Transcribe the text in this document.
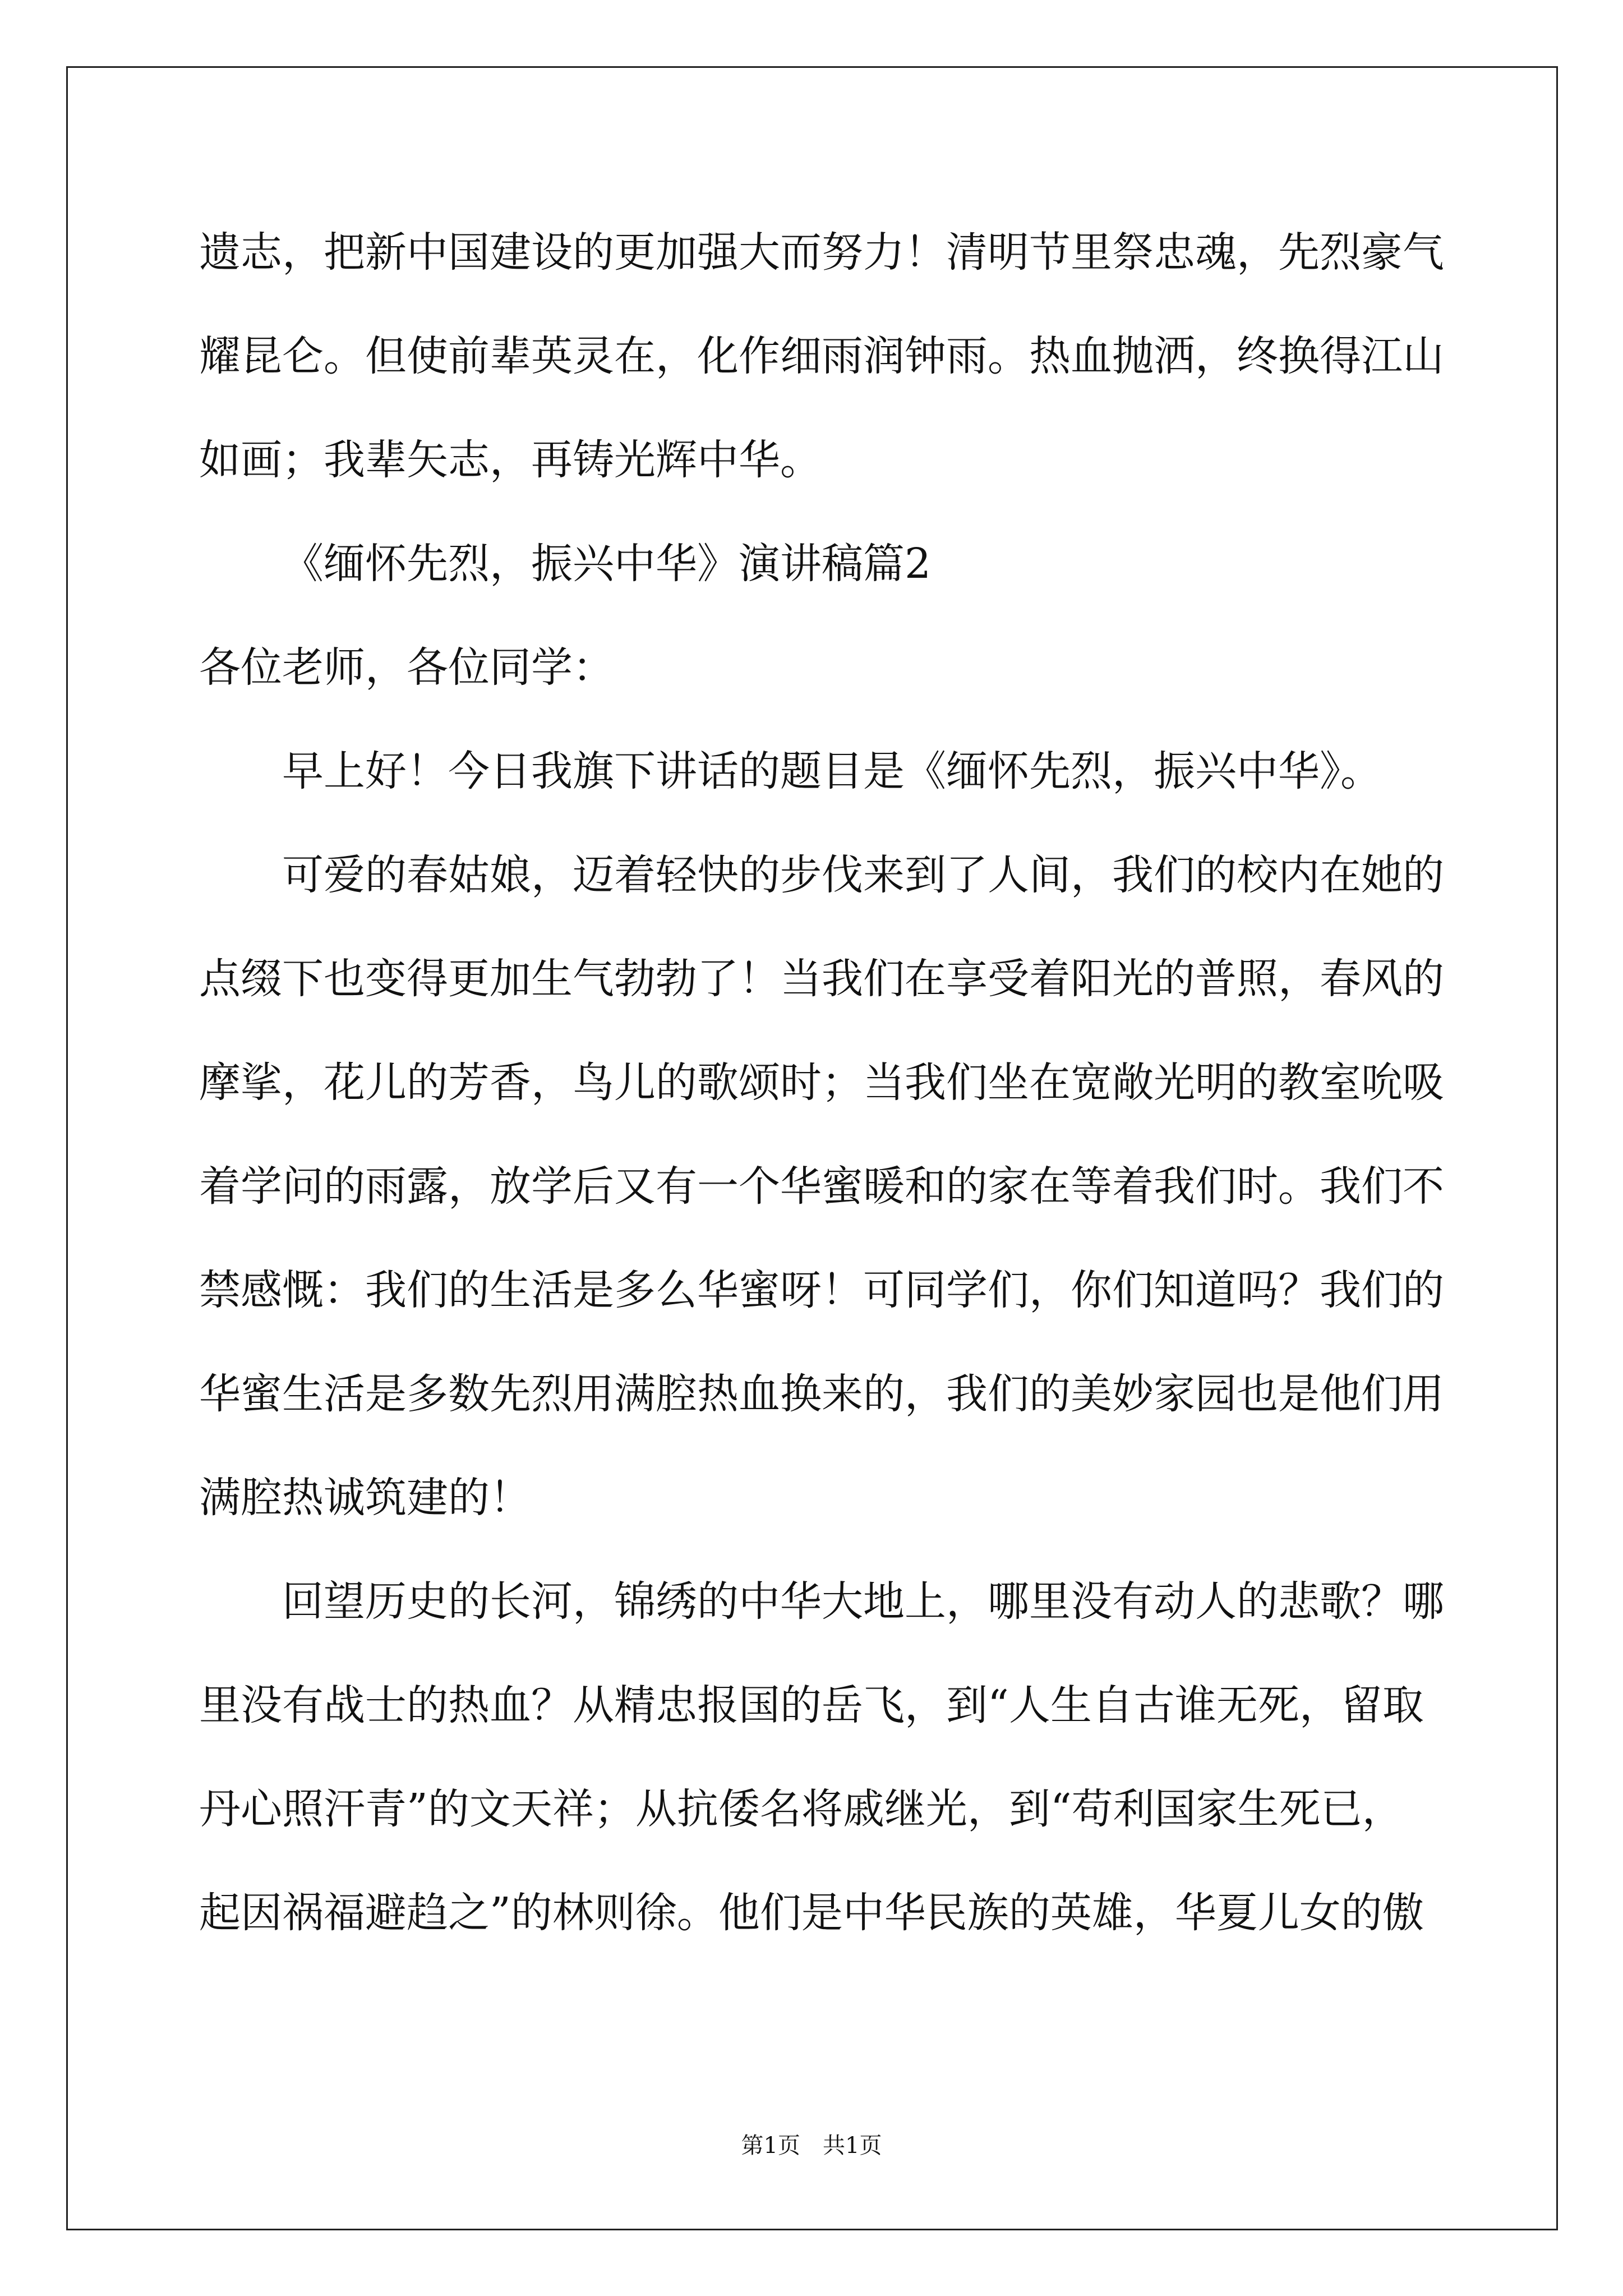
遗志，把新中国建设的更加强大而努力！清明节里祭忠魂，先烈豪气
耀昆仑。但使前辈英灵在，化作细雨润钟雨。热血抛洒，终换得江山
如画；我辈矢志，再铸光辉中华。
《缅怀先烈，振兴中华》演讲稿篇2
各位老师，各位同学：
早上好！今日我旗下讲话的题目是《缅怀先烈，振兴中华》。
可爱的春姑娘，迈着轻快的步伐来到了人间，我们的校内在她的
点缀下也变得更加生气勃勃了！当我们在享受着阳光的普照，春风的
摩挲，花儿的芳香，鸟儿的歌颂时；当我们坐在宽敞光明的教室吮吸
着学问的雨露，放学后又有一个华蜜暖和的家在等着我们时。我们不
禁感慨：我们的生活是多么华蜜呀！可同学们，你们知道吗？我们的
华蜜生活是多数先烈用满腔热血换来的，我们的美妙家园也是他们用
满腔热诚筑建的！
回望历史的长河，锦绣的中华大地上，哪里没有动人的悲歌？哪
里没有战士的热血？从精忠报国的岳飞，到“人生自古谁无死，留取
丹心照汗青”的文天祥；从抗倭名将戚继光，到“苟利国家生死已，
起因祸福避趋之”的林则徐。他们是中华民族的英雄，华夏儿女的傲
第1页　共1页
